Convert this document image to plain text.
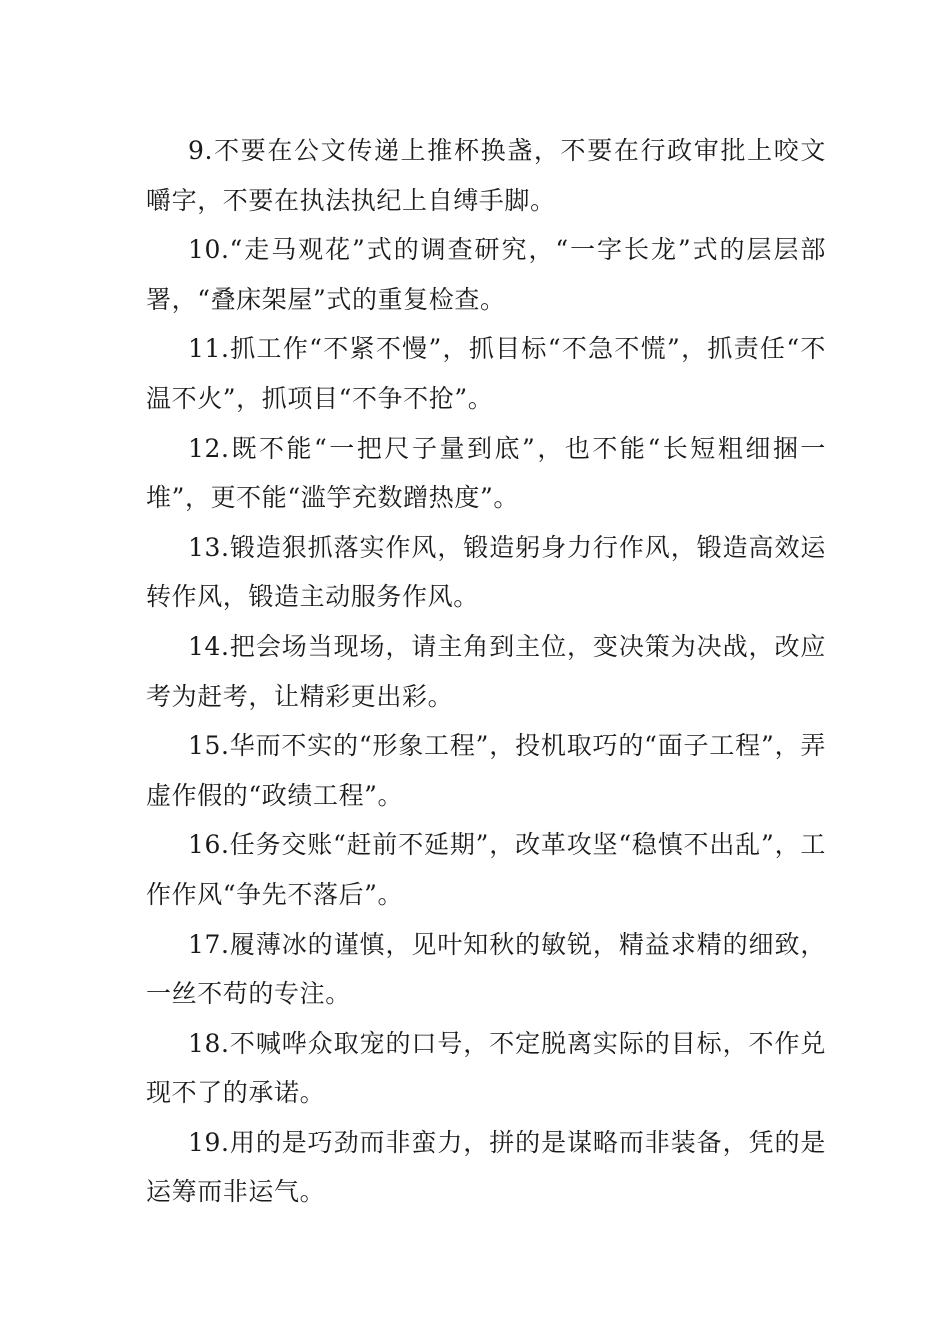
9.不要在公文传递上推杯换盏，不要在行政审批上咬文嚼字，不要在执法执纪上自缚手脚。

10.“走马观花”式的调查研究，“一字长龙”式的层层部署，“叠床架屋”式的重复检查。

11.抓工作“不紧不慢”，抓目标“不急不慌”，抓责任“不温不火”，抓项目“不争不抢”。

12.既不能“一把尺子量到底”，也不能“长短粗细捆一堆”，更不能“滥竽充数蹭热度”。

13.锻造狠抓落实作风，锻造躬身力行作风，锻造高效运转作风，锻造主动服务作风。

14.把会场当现场，请主角到主位，变决策为决战，改应考为赶考，让精彩更出彩。

15.华而不实的“形象工程”，投机取巧的“面子工程”，弄虚作假的“政绩工程”。

16.任务交账“赶前不延期”，改革攻坚“稳慎不出乱”，工作作风“争先不落后”。

17.履薄冰的谨慎，见叶知秋的敏锐，精益求精的细致，一丝不苟的专注。

18.不喊哗众取宠的口号，不定脱离实际的目标，不作兑现不了的承诺。

19.用的是巧劲而非蛮力，拼的是谋略而非装备，凭的是运筹而非运气。
